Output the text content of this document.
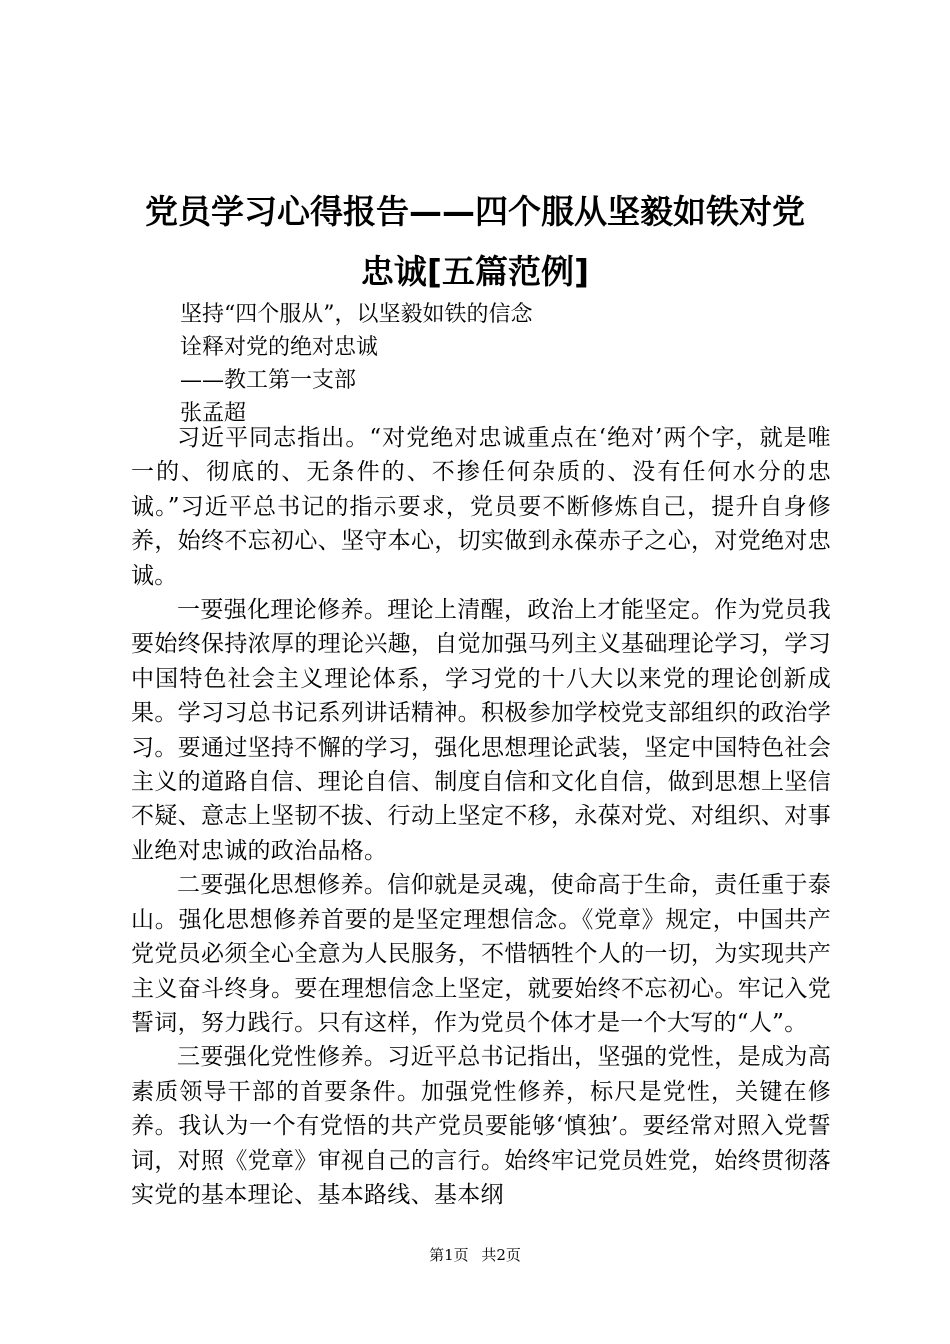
党员学习心得报告——四个服从坚毅如铁对党
忠诚[五篇范例]

坚持“四个服从”，以坚毅如铁的信念

诠释对党的绝对忠诚

——教工第一支部

张孟超

习近平同志指出。“对党绝对忠诚重点在‘绝对’两个字，就是唯一的、彻底的、无条件的、不掺任何杂质的、没有任何水分的忠诚。”习近平总书记的指示要求，党员要不断修炼自己，提升自身修养，始终不忘初心、坚守本心，切实做到永葆赤子之心，对党绝对忠诚。

一要强化理论修养。理论上清醒，政治上才能坚定。作为党员我要始终保持浓厚的理论兴趣，自觉加强马列主义基础理论学习，学习中国特色社会主义理论体系，学习党的十八大以来党的理论创新成果。学习习总书记系列讲话精神。积极参加学校党支部组织的政治学习。要通过坚持不懈的学习，强化思想理论武装，坚定中国特色社会主义的道路自信、理论自信、制度自信和文化自信，做到思想上坚信不疑、意志上坚韧不拔、行动上坚定不移，永葆对党、对组织、对事业绝对忠诚的政治品格。

二要强化思想修养。信仰就是灵魂，使命高于生命，责任重于泰山。强化思想修养首要的是坚定理想信念。《党章》规定，中国共产党党员必须全心全意为人民服务，不惜牺牲个人的一切，为实现共产主义奋斗终身。要在理想信念上坚定，就要始终不忘初心。牢记入党誓词，努力践行。只有这样，作为党员个体才是一个大写的“人”。

三要强化党性修养。习近平总书记指出，坚强的党性，是成为高素质领导干部的首要条件。加强党性修养，标尺是党性，关键在修养。我认为一个有党悟的共产党员要能够‘慎独’。要经常对照入党誓词，对照《党章》审视自己的言行。始终牢记党员姓党，始终贯彻落实党的基本理论、基本路线、基本纲

第1页 共2页
